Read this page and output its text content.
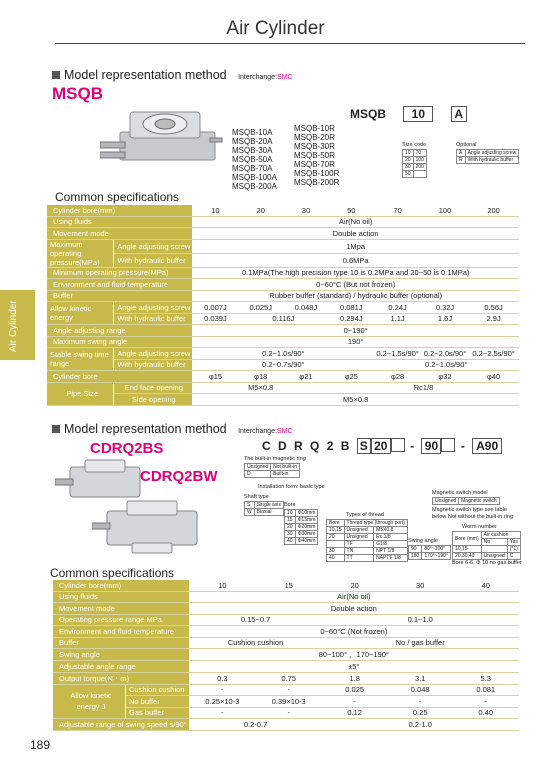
Air Cylinder
Air Cylinder
Model representation method Interchange:SMC
MSQB
MSQB-10A
MSQB-20A
MSQB-30A
MSQB-50A
MSQB-70A
MSQB-100A
MSQB-200A
MSQB-10R
MSQB-20R
MSQB-30R
MSQB-50R
MSQB-70R
MSQB-100R
MSQB-200R
MSQB 10 A
Size code
10	70
20	100
30	200
50	
Optional
A	Angle adjusting screw
R	With hydraulic buffer
Common specifications
Cylinder bore(mm)		10	20	30	50	70	100	200
Using fluids		Air(No oil)						
Movement mode		Double action						
Maximum operating pressure(MPa)	Angle adjusting screw	1Mpa						
	With hydraulic buffer	0.6MPa						
Minimum operating pressure(MPa)		0.1MPa(The high precision type 10 is 0.2MPa and 20~50 is 0.1MPa)						
Environment and fluid temperature		0~60°C (But not frozen)						
Buffer		Rubber buffer (standard) / hydraulic buffer (optional)						
Allow kinetic energy	Angle adjusting screw	0.007J	0.025J	0.048J	0.081J	0.24J	0.32J	0.56J
	With hydraulic buffer	0.039J	0.116J		0.294J	1.1J	1.6J	2.9J
Angle adjusting range		0~190°						
Maximum swing angle		190°						
Stable swing time range	Angle adjusting screw	0.2~1.0s/90°				0.2~1.5s/90°	0.2~2.0s/90°	0.2~2.5s/90°
	With hydraulic buffer	0.2~0.7s/90°				0.2~1.0s/90°		
Cylinder bore		φ15	φ18	φ21	φ25	φ28	φ32	φ40
Pipe Size	End face opening	M5×0.8			Rc1/8			
	Side opening	M5×0.8						
Model representation method Interchange:SMC
CDRQ2BS
CDRQ2BW
C D R Q 2 B S 20 - 90 - A90
The built-in magnetic ring
Unsigned	Not built-in
D	Built-in
Installation form: basic type
Shaft type
S	Single axis
W	Biaxial
Bore
10	Φ10mm
15	Φ15mm
20	Φ20mm
30	Φ30mm
40	Φ40mm
Types of thread
Bore	Thread type (through port)	
10,15	Unsigned	M5X0.8
20	Unsigned	Rc 1/8
	TF	G1/8
30	TN	NPT 1/8
40	TT	NAPTF 1/8
Swing angle
90	80°~100°
180	170°~190°
Magnetic switch model
Unsigned	Magnetic switch
Magnetic switch type see table below Not without the built-in ring
Worm number
Bore (mm)	Air cushion	
	No	Yes
10,15		(*1)
20,30,40	Unsigned	C
Bore 6-6, Φ 10 no gas buffer
Common specifications
Cylinder bore(mm)		10	15	20	30	40
Using fluids		Air(No oil)				
Movement mode		Double action				
Operating pressure range MPa		0.15~0.7		0.1~1.0		
Environment and fluid temperature		0~60°C (Not frozen)				
Buffer		Cushion cushion		No / gas buffer		
Swing angle		80~100° ，170~190°				
Adjustable angle range		±5°				
Output torque(N・m)		0.3	0.75	1.8	3.1	5.3
Allow kinetic energy J	Cushion cushion	-	-	0.025	0.048	0.081
	No buffer	0.25×10-3	0.39×10-3	-	-	-
	Gas buffer	-	-	0.12	0.25	0.40
Adjustable range of swing speed s/90°		0.2-0.7		0.2-1.0		
189
